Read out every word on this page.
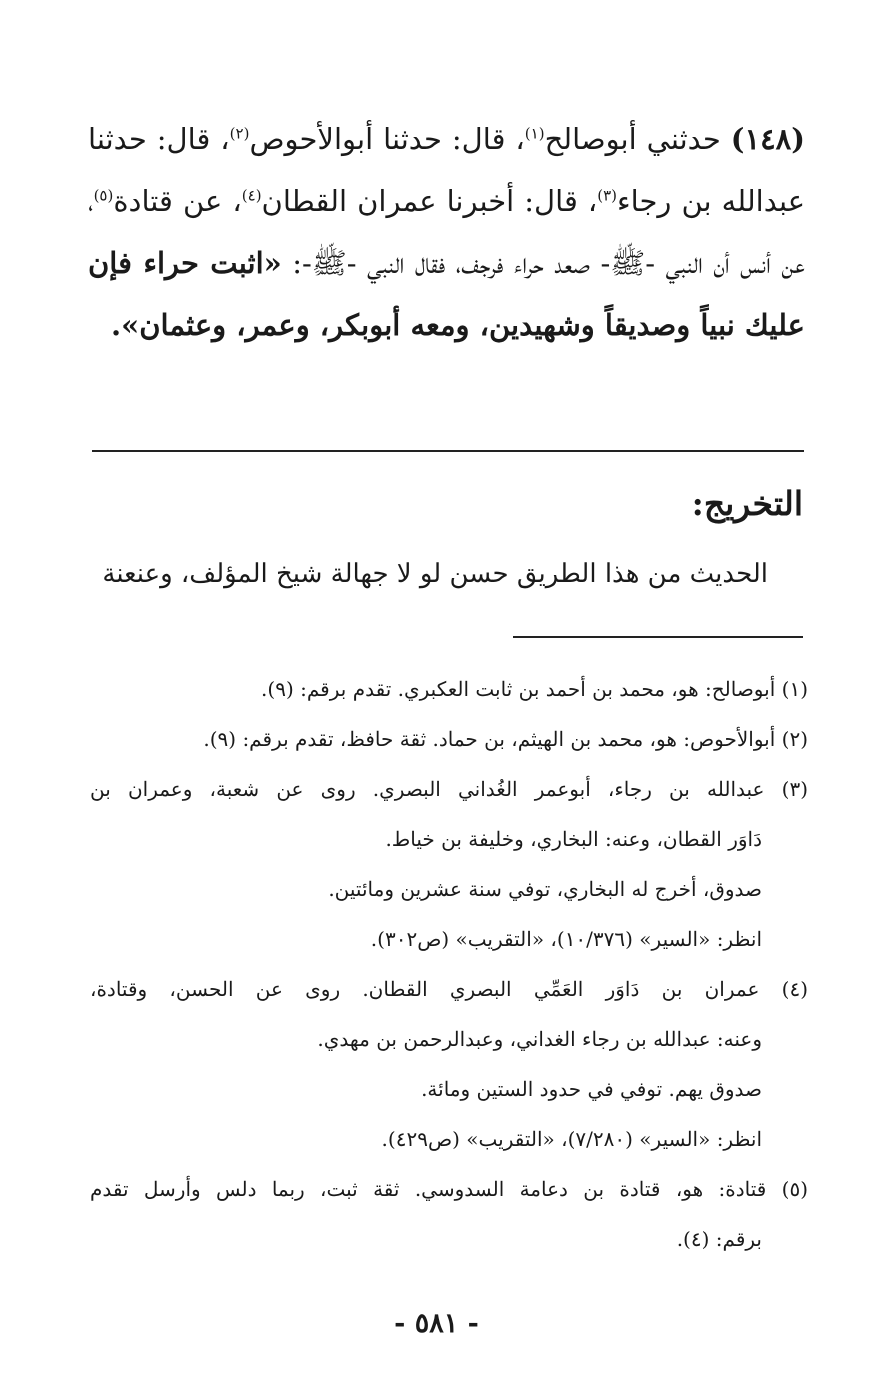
(١٤٨) حدثني أبوصالح$^{(١)}$، قال: حدثنا أبوالأحوص$^{(٢)}$، قال: حدثنا عبدالله بن رجاء$^{(٣)}$، قال: أخبرنا عمران القطان$^{(٤)}$، عن قتادة$^{(٥)}$، عن أنس أن النبي -ﷺ- صعد حراء فرجف، فقال النبي -ﷺ-: «اثبت حراء فإن عليك نبياً وصديقاً وشهيدين، ومعه أبوبكر، وعمر، وعثمان».
التخريج:
الحديث من هذا الطريق حسن لو لا جهالة شيخ المؤلف، وعنعنة
(١) أبوصالح: هو، محمد بن أحمد بن ثابت العكبري. تقدم برقم: (٩).
(٢) أبوالأحوص: هو، محمد بن الهيثم، بن حماد. ثقة حافظ، تقدم برقم: (٩).
(٣) عبدالله بن رجاء، أبوعمر الغُداني البصري. روى عن شعبة، وعمران بن
دَاوَر القطان، وعنه: البخاري، وخليفة بن خياط.
صدوق، أخرج له البخاري، توفي سنة عشرين ومائتين.
انظر: «السير» (١٠/٣٧٦)، «التقريب» (ص٣٠٢).
(٤) عمران بن دَاوَر العَمِّي البصري القطان. روى عن الحسن، وقتادة،
وعنه: عبدالله بن رجاء الغداني، وعبدالرحمن بن مهدي.
صدوق يهم. توفي في حدود الستين ومائة.
انظر: «السير» (٧/٢٨٠)، «التقريب» (ص٤٢٩).
(٥) قتادة: هو، قتادة بن دعامة السدوسي. ثقة ثبت، ربما دلس وأرسل تقدم
برقم: (٤).
- ٥٨١ -
